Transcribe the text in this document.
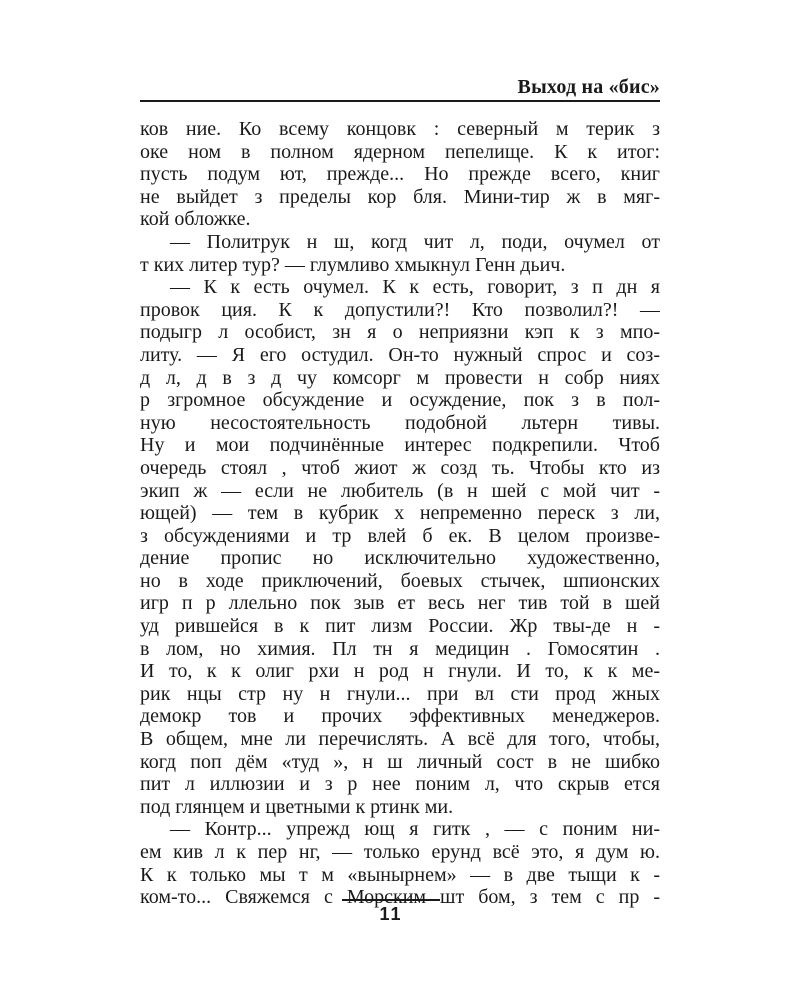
Выход на «бис»
ков ние. Ко всему концовк : северный м терик з
оке ном в полном ядерном пепелище. К к итог:
пусть подум ют, прежде... Но прежде всего, книг
не выйдет з пределы кор бля. Мини-тир ж в мяг-
кой обложке.
— Политрук н ш, когд чит л, поди, очумел от
т ких литер тур? — глумливо хмыкнул Генн дьич.
— К к есть очумел. К к есть, говорит, з п дн я
провок ция. К к допустили?! Кто позволил?! —
подыгр л особист, зн я о неприязни кэп к з мпо-
литу. — Я его остудил. Он-то нужный спрос и соз-
д л, д в з д чу комсорг м провести н собр ниях
р згромное обсуждение и осуждение, пок з в пол-
ную несостоятельность подобной льтерн тивы.
Ну и мои подчинённые интерес подкрепили. Чтоб
очередь стоял , чтоб жиот ж созд ть. Чтобы кто из
экип ж — если не любитель (в н шей с мой чит -
ющей) — тем в кубрик х непременно переск з ли,
з обсуждениями и тр влей б ек. В целом произве-
дение пропис но исключительно художественно,
но в ходе приключений, боевых стычек, шпионских
игр п р ллельно пок зыв ет весь нег тив той в шей
уд рившейся в к пит лизм России. Жр твы-де н -
в лом, но химия. Пл тн я медицин . Гомосятин .
И то, к к олиг рхи н род н гнули. И то, к к ме-
рик нцы стр ну н гнули... при вл сти прод жных
демокр тов и прочих эффективных менеджеров.
В общем, мне ли перечислять. А всё для того, чтобы,
когд поп дём «туд », н ш личный сост в не шибко
пит л иллюзии и з р нее поним л, что скрыв ется
под глянцем и цветными к ртинк ми.
— Контр... упрежд ющ я гитк , — с поним ни-
ем кив л к пер нг, — только ерунд всё это, я дум ю.
К к только мы т м «вынырнем» — в две тыщи к -
ком-то... Свяжемся с Морским шт бом, з тем с пр -
11
